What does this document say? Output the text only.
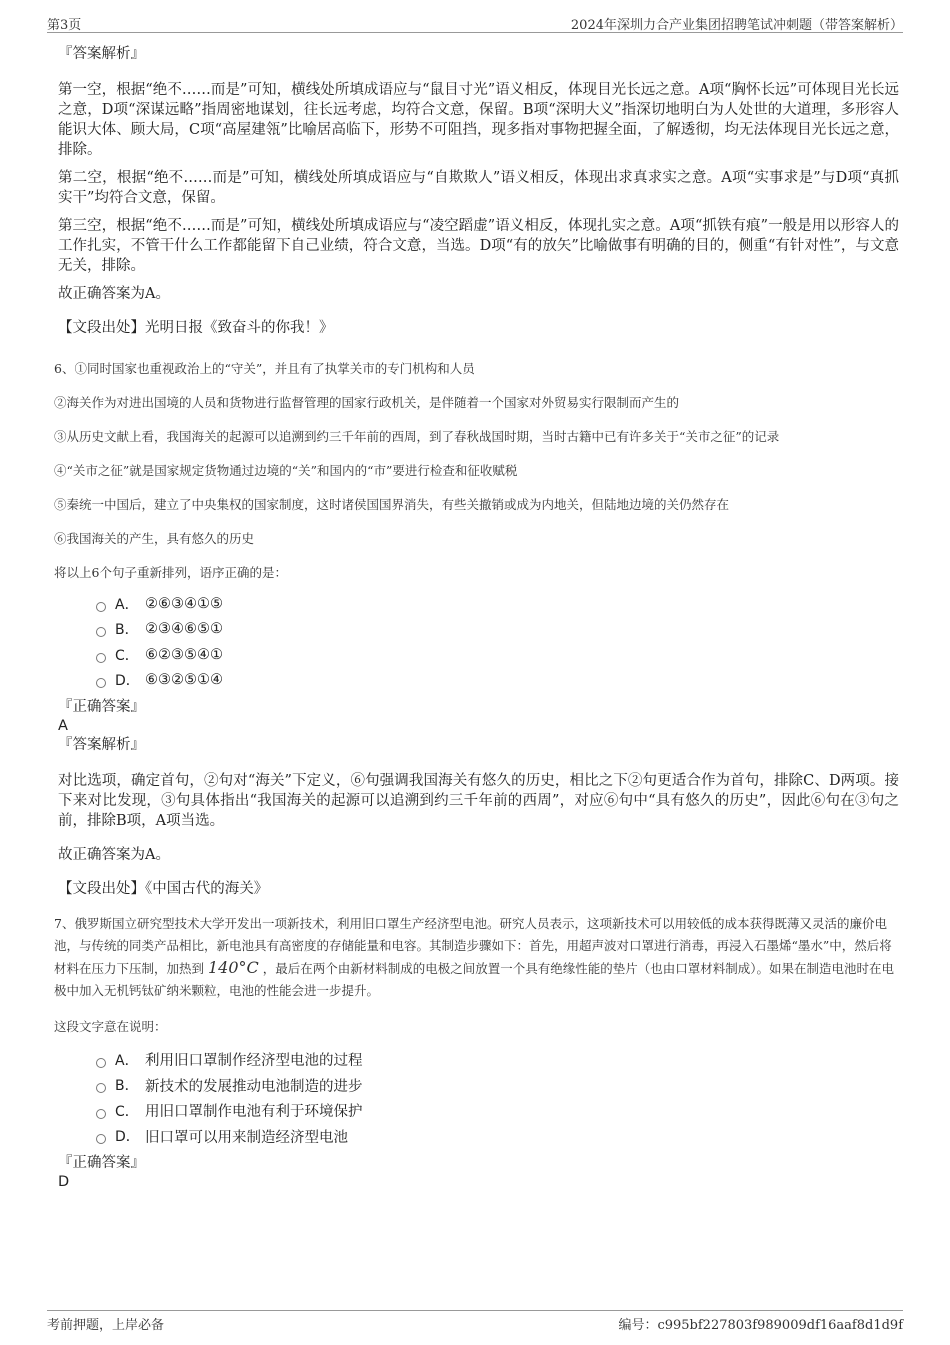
第3页	2024年深圳力合产业集团招聘笔试冲刺题（带答案解析）
『答案解析』

第一空，根据“绝不……而是”可知，横线处所填成语应与“鼠目寸光”语义相反，体现目光长远之意。A项“胸怀长远”可体现目光长远之意，D项“深谋远略”指周密地谋划，往长远考虑，均符合文意，保留。B项“深明大义”指深切地明白为人处世的大道理，多形容人能识大体、顾大局，C项“高屋建瓴”比喻居高临下，形势不可阻挡，现多指对事物把握全面，了解透彻，均无法体现目光长远之意，排除。

第二空，根据“绝不……而是”可知，横线处所填成语应与“自欺欺人”语义相反，体现出求真求实之意。A项“实事求是”与D项“真抓实干”均符合文意，保留。

第三空，根据“绝不……而是”可知，横线处所填成语应与“凌空蹈虚”语义相反，体现扎实之意。A项“抓铁有痕”一般是用以形容人的工作扎实，不管干什么工作都能留下自己业绩，符合文意，当选。D项“有的放矢”比喻做事有明确的目的，侧重“有针对性”，与文意无关，排除。

故正确答案为A。

【文段出处】光明日报《致奋斗的你我！》

6、①同时国家也重视政治上的“守关”，并且有了执掌关市的专门机构和人员
②海关作为对进出国境的人员和货物进行监督管理的国家行政机关，是伴随着一个国家对外贸易实行限制而产生的
③从历史文献上看，我国海关的起源可以追溯到约三千年前的西周，到了春秋战国时期，当时古籍中已有许多关于“关市之征”的记录
④“关市之征”就是国家规定货物通过边境的“关”和国内的“市”要进行检查和征收赋税
⑤秦统一中国后，建立了中央集权的国家制度，这时诸侯国国界消失，有些关撤销或成为内地关，但陆地边境的关仍然存在
⑥我国海关的产生，具有悠久的历史
将以上6个句子重新排列，语序正确的是：
A． ②⑥③④①⑤
B． ②③④⑥⑤①
C． ⑥②③⑤④①
D． ⑥③②⑤①④
『正确答案』
A
『答案解析』

对比选项，确定首句，②句对“海关”下定义，⑥句强调我国海关有悠久的历史，相比之下②句更适合作为首句，排除C、D两项。接下来对比发现，③句具体指出“我国海关的起源可以追溯到约三千年前的西周”，对应⑥句中“具有悠久的历史”，因此⑥句在③句之前，排除B项，A项当选。

故正确答案为A。

【文段出处】《中国古代的海关》

7、俄罗斯国立研究型技术大学开发出一项新技术，利用旧口罩生产经济型电池。研究人员表示，这项新技术可以用较低的成本获得既薄又灵活的廉价电池，与传统的同类产品相比，新电池具有高密度的存储能量和电容。其制造步骤如下：首先，用超声波对口罩进行消毒，再浸入石墨烯“墨水”中，然后将材料在压力下压制，加热到 140°C ，最后在两个由新材料制成的电极之间放置一个具有绝缘性能的垫片（也由口罩材料制成）。如果在制造电池时在电极中加入无机钙钛矿纳米颗粒，电池的性能会进一步提升。
这段文字意在说明：
A． 利用旧口罩制作经济型电池的过程
B． 新技术的发展推动电池制造的进步
C． 用旧口罩制作电池有利于环境保护
D． 旧口罩可以用来制造经济型电池
『正确答案』
D
考前押题，上岸必备	编号：c995bf227803f989009df16aaf8d1d9f
